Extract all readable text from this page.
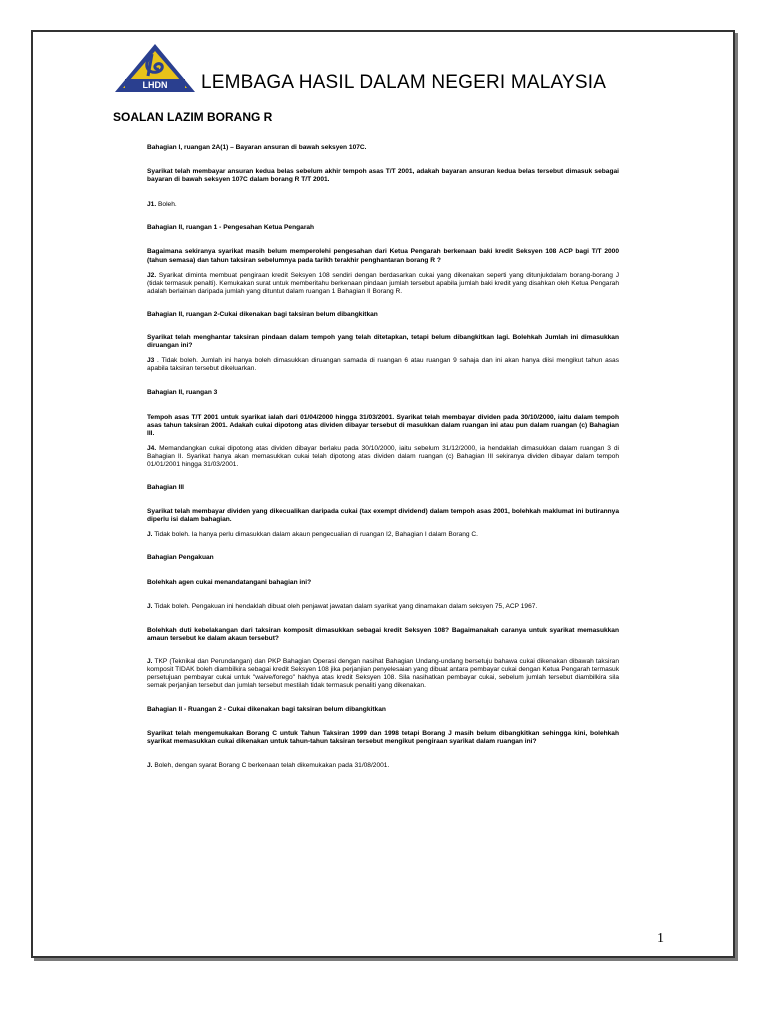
LHDN LEMBAGA HASIL DALAM NEGERI MALAYSIA
SOALAN LAZIM BORANG R

Bahagian I, ruangan 2A(1) – Bayaran ansuran di bawah seksyen 107C.

Syarikat telah membayar ansuran kedua belas sebelum akhir tempoh asas T/T 2001, adakah bayaran ansuran kedua belas tersebut dimasuk sebagai bayaran di bawah seksyen 107C dalam borang R T/T 2001.

J1. Boleh.

Bahagian II, ruangan 1 - Pengesahan Ketua Pengarah

Bagaimana sekiranya syarikat masih belum memperolehi pengesahan dari Ketua Pengarah berkenaan baki kredit Seksyen 108 ACP bagi T/T 2000 (tahun semasa) dan tahun taksiran sebelumnya pada tarikh terakhir penghantaran borang R ?

J2. Syarikat diminta membuat pengiraan kredit Seksyen 108 sendiri dengan berdasarkan cukai yang dikenakan seperti yang ditunjukdalam borang-borang J (tidak termasuk penalti). Kemukakan surat untuk memberitahu berkenaan pindaan jumlah tersebut apabila jumlah baki kredit yang disahkan oleh Ketua Pengarah adalah berlainan daripada jumlah yang dituntut dalam ruangan 1 Bahagian II Borang R.

Bahagian II, ruangan 2-Cukai dikenakan bagi taksiran belum dibangkitkan

Syarikat telah menghantar taksiran pindaan dalam tempoh yang telah ditetapkan, tetapi belum dibangkitkan lagi. Bolehkah Jumlah ini dimasukkan diruangan ini?

J3 . Tidak boleh. Jumlah ini hanya boleh dimasukkan diruangan samada di ruangan 6 atau ruangan 9 sahaja dan ini akan hanya diisi mengikut tahun asas apabila taksiran tersebut dikeluarkan.

Bahagian II, ruangan 3

Tempoh asas T/T 2001 untuk syarikat ialah dari 01/04/2000 hingga 31/03/2001. Syarikat telah membayar dividen pada 30/10/2000, iaitu dalam tempoh asas tahun taksiran 2001. Adakah cukai dipotong atas dividen dibayar tersebut di masukkan dalam ruangan ini atau pun dalam ruangan (c) Bahagian III.

J4. Memandangkan cukai dipotong atas dividen dibayar berlaku pada 30/10/2000, iaitu sebelum 31/12/2000, ia hendaklah dimasukkan dalam ruangan 3 di Bahagian II. Syarikat hanya akan memasukkan cukai telah dipotong atas dividen dalam ruangan (c) Bahagian III sekiranya dividen dibayar dalam tempoh 01/01/2001 hingga 31/03/2001.

Bahagian III

Syarikat telah membayar dividen yang dikecualikan daripada cukai (tax exempt dividend) dalam tempoh asas 2001, bolehkah maklumat ini butirannya diperlu isi dalam bahagian.

J. Tidak boleh. Ia hanya perlu dimasukkan dalam akaun pengecualian di ruangan I2, Bahagian I dalam Borang C.

Bahagian Pengakuan

Bolehkah agen cukai menandatangani bahagian ini?

J. Tidak boleh. Pengakuan ini hendaklah dibuat oleh penjawat jawatan dalam syarikat yang dinamakan dalam seksyen 75, ACP 1967.

Bolehkah duti kebelakangan dari taksiran komposit dimasukkan sebagai kredit Seksyen 108? Bagaimanakah caranya untuk syarikat memasukkan amaun tersebut ke dalam akaun tersebut?

J. TKP (Teknikal dan Perundangan) dan PKP Bahagian Operasi dengan nasihat Bahagian Undang-undang bersetuju bahawa cukai dikenakan dibawah taksiran komposit TIDAK boleh diambilkira sebagai kredit Seksyen 108 jika perjanjian penyelesaian yang dibuat antara pembayar cukai dengan Ketua Pengarah termasuk persetujuan pembayar cukai untuk "waive/forego" hakhya atas kredit Seksyen 108. Sila nasihatkan pembayar cukai, sebelum jumlah tersebut diambilkira sila semak perjanjian tersebut dan jumlah tersebut mestilah tidak termasuk penaliti yang dikenakan.

Bahagian II - Ruangan 2 - Cukai dikenakan bagi taksiran belum dibangkitkan

Syarikat telah mengemukakan Borang C untuk Tahun Taksiran 1999 dan 1998 tetapi Borang J masih belum dibangkitkan sehingga kini, bolehkah syarikat memasukkan cukai dikenakan untuk tahun-tahun taksiran tersebut mengikut pengiraan syarikat dalam ruangan ini?

J. Boleh, dengan syarat Borang C berkenaan telah dikemukakan pada 31/08/2001.

1
